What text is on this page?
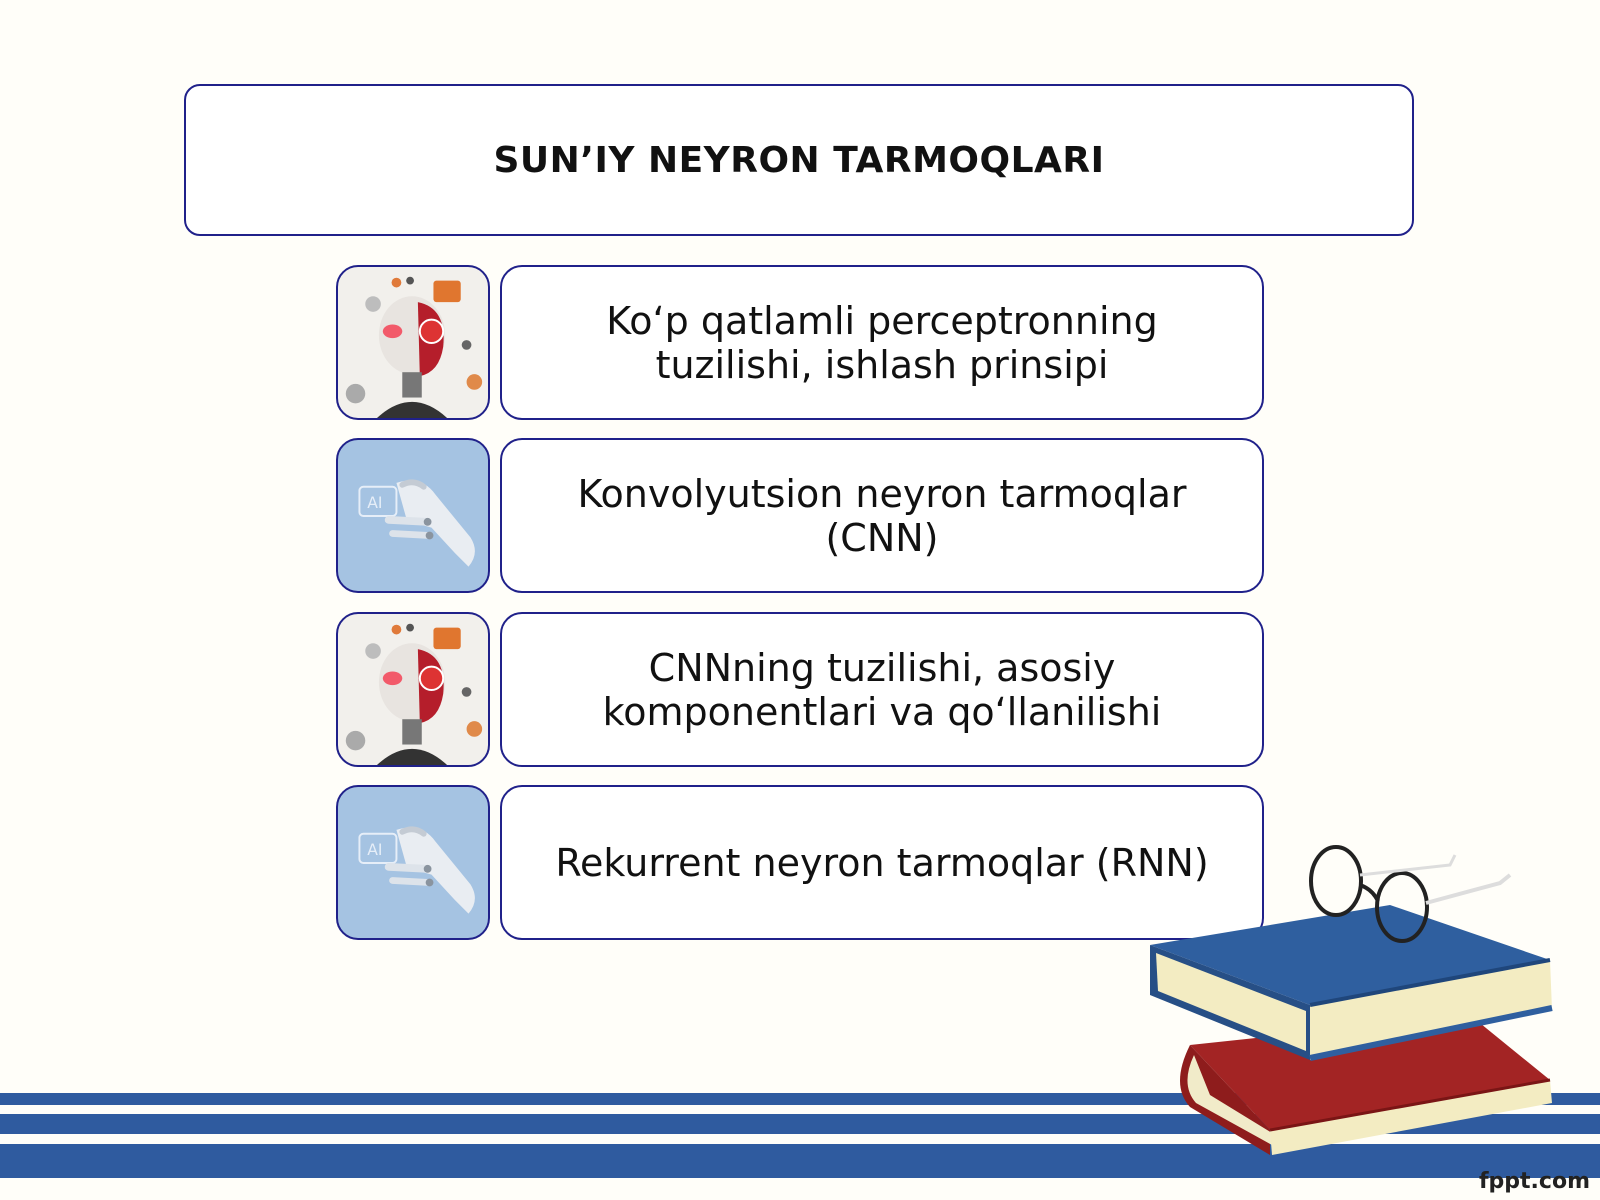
SUN’IY NEYRON TARMOQLARI
Koʻp qatlamli perceptronning tuzilishi, ishlash prinsipi
AI	Konvolyutsion neyron tarmoqlar (CNN)
CNNning tuzilishi, asosiy komponentlari va qoʻllanilishi
AI	Rekurrent neyron tarmoqlar (RNN)
fppt.com
